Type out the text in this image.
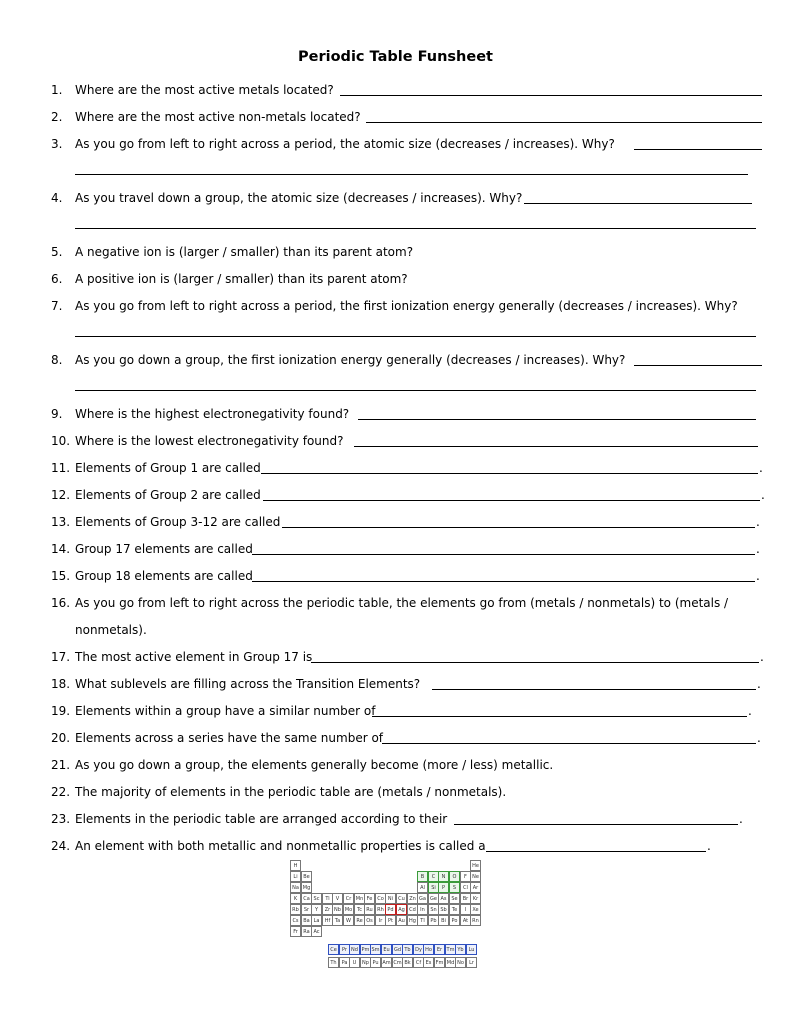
Periodic Table Funsheet
1. Where are the most active metals located?
2. Where are the most active non-metals located?
3. As you go from left to right across a period, the atomic size (decreases / increases). Why?
4. As you travel down a group, the atomic size (decreases / increases). Why?
5. A negative ion is (larger / smaller) than its parent atom?
6. A positive ion is (larger / smaller) than its parent atom?
7. As you go from left to right across a period, the first ionization energy generally (decreases / increases). Why?
8. As you go down a group, the first ionization energy generally (decreases / increases). Why?
9. Where is the highest electronegativity found?
10. Where is the lowest electronegativity found?
11. Elements of Group 1 are called	.
12. Elements of Group 2 are called	.
13. Elements of Group 3-12 are called	.
14. Group 17 elements are called	.
15. Group 18 elements are called	.
16. As you go from left to right across the periodic table, the elements go from (metals / nonmetals) to (metals /
nonmetals).
17. The most active element in Group 17 is	.
18. What sublevels are filling across the Transition Elements?	.
19. Elements within a group have a similar number of	.
20. Elements across a series have the same number of	.
21. As you go down a group, the elements generally become (more / less) metallic.
22. The majority of elements in the periodic table are (metals / nonmetals).
23. Elements in the periodic table are arranged according to their	.
24. An element with both metallic and nonmetallic properties is called a	.
H	He
Li	Be	B	C	N	O	F	Ne
Na Mg	Al	Si	P	S	Cl Ar
K	Ca Sc	Ti	V	Cr Mn Fe Co Ni	Cu Zn Ga Ge As Se	Br Kr
Rb	Sr	Y	Zr Nb Mo Tc Ru Rh Pd Ag Cd In	Sn Sb	Te	I	Xe
Cs Ba La	Hf Ta	W	Re Os	Ir	Pt	Au Hg Tl	Pb Bi	Po	At Rn
Fr	Ra Ac
Ce	Pr Nd Pm Sm Eu Gd Tb Dy Ho Er Tm Yb Lu
Th Pa	U	Np Pu Am Cm Bk	Cf Es Fm Md No	Lr
